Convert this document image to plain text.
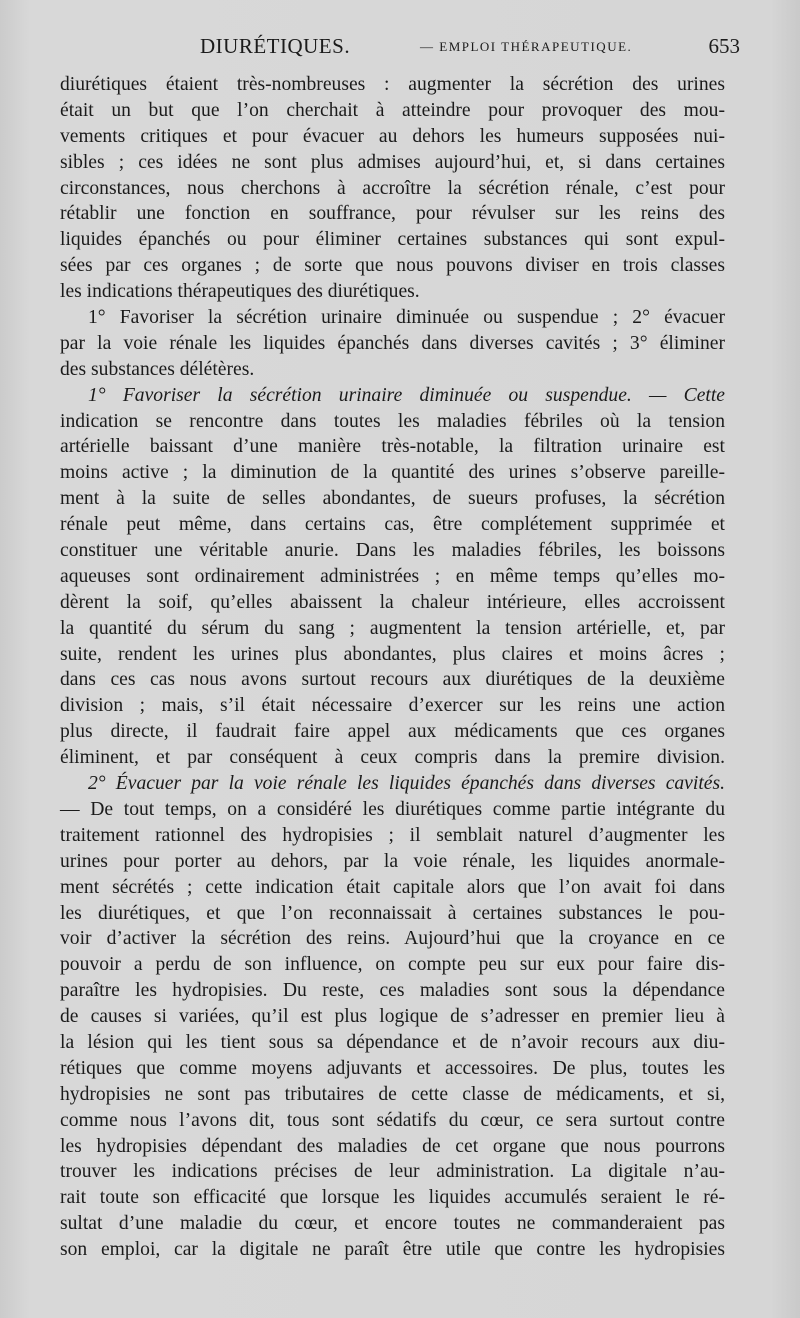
DIURÉTIQUES.	— EMPLOI THÉRAPEUTIQUE.	653
diurétiques étaient très-nombreuses : augmenter la sécrétion des urines
était un but que l’on cherchait à atteindre pour provoquer des mou-
vements critiques et pour évacuer au dehors les humeurs supposées nui-
sibles ; ces idées ne sont plus admises aujourd’hui, et, si dans certaines
circonstances, nous cherchons à accroître la sécrétion rénale, c’est pour
rétablir une fonction en souffrance, pour révulser sur les reins des
liquides épanchés ou pour éliminer certaines substances qui sont expul-
sées par ces organes ; de sorte que nous pouvons diviser en trois classes
les indications thérapeutiques des diurétiques.
1° Favoriser la sécrétion urinaire diminuée ou suspendue ; 2° évacuer
par la voie rénale les liquides épanchés dans diverses cavités ; 3° éliminer
des substances délétères.
1° Favoriser la sécrétion urinaire diminuée ou suspendue. — Cette
indication se rencontre dans toutes les maladies fébriles où la tension
artérielle baissant d’une manière très-notable, la filtration urinaire est
moins active ; la diminution de la quantité des urines s’observe pareille-
ment à la suite de selles abondantes, de sueurs profuses, la sécrétion
rénale peut même, dans certains cas, être complétement supprimée et
constituer une véritable anurie. Dans les maladies fébriles, les boissons
aqueuses sont ordinairement administrées ; en même temps qu’elles mo-
dèrent la soif, qu’elles abaissent la chaleur intérieure, elles accroissent
la quantité du sérum du sang ; augmentent la tension artérielle, et, par
suite, rendent les urines plus abondantes, plus claires et moins âcres ;
dans ces cas nous avons surtout recours aux diurétiques de la deuxième
division ; mais, s’il était nécessaire d’exercer sur les reins une action
plus directe, il faudrait faire appel aux médicaments que ces organes
éliminent, et par conséquent à ceux compris dans la premire division.
2° Évacuer par la voie rénale les liquides épanchés dans diverses cavités.
— De tout temps, on a considéré les diurétiques comme partie intégrante du
traitement rationnel des hydropisies ; il semblait naturel d’augmenter les
urines pour porter au dehors, par la voie rénale, les liquides anormale-
ment sécrétés ; cette indication était capitale alors que l’on avait foi dans
les diurétiques, et que l’on reconnaissait à certaines substances le pou-
voir d’activer la sécrétion des reins. Aujourd’hui que la croyance en ce
pouvoir a perdu de son influence, on compte peu sur eux pour faire dis-
paraître les hydropisies. Du reste, ces maladies sont sous la dépendance
de causes si variées, qu’il est plus logique de s’adresser en premier lieu à
la lésion qui les tient sous sa dépendance et de n’avoir recours aux diu-
rétiques que comme moyens adjuvants et accessoires. De plus, toutes les
hydropisies ne sont pas tributaires de cette classe de médicaments, et si,
comme nous l’avons dit, tous sont sédatifs du cœur, ce sera surtout contre
les hydropisies dépendant des maladies de cet organe que nous pourrons
trouver les indications précises de leur administration. La digitale n’au-
rait toute son efficacité que lorsque les liquides accumulés seraient le ré-
sultat d’une maladie du cœur, et encore toutes ne commanderaient pas
son emploi, car la digitale ne paraît être utile que contre les hydropisies
